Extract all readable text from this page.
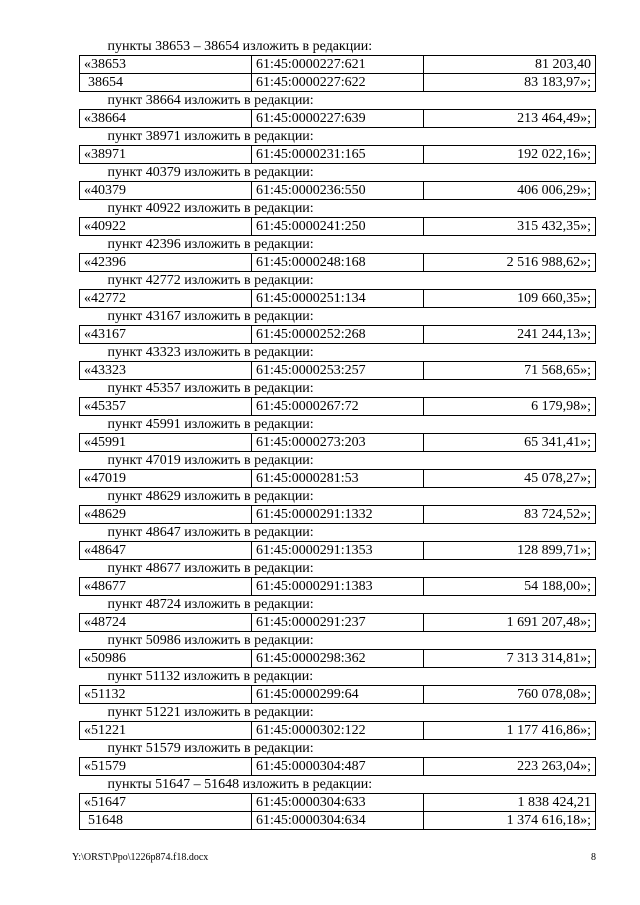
пункты 38653 – 38654 изложить в редакции:		
«38653	61:45:0000227:621	81 203,40
38654	61:45:0000227:622	83 183,97»;
пункт 38664 изложить в редакции:		
«38664	61:45:0000227:639	213 464,49»;
пункт 38971 изложить в редакции:		
«38971	61:45:0000231:165	192 022,16»;
пункт 40379 изложить в редакции:		
«40379	61:45:0000236:550	406 006,29»;
пункт 40922 изложить в редакции:		
«40922	61:45:0000241:250	315 432,35»;
пункт 42396 изложить в редакции:		
«42396	61:45:0000248:168	2 516 988,62»;
пункт 42772 изложить в редакции:		
«42772	61:45:0000251:134	109 660,35»;
пункт 43167 изложить в редакции:		
«43167	61:45:0000252:268	241 244,13»;
пункт 43323 изложить в редакции:		
«43323	61:45:0000253:257	71 568,65»;
пункт 45357 изложить в редакции:		
«45357	61:45:0000267:72	6 179,98»;
пункт 45991 изложить в редакции:		
«45991	61:45:0000273:203	65 341,41»;
пункт 47019 изложить в редакции:		
«47019	61:45:0000281:53	45 078,27»;
пункт 48629 изложить в редакции:		
«48629	61:45:0000291:1332	83 724,52»;
пункт 48647 изложить в редакции:		
«48647	61:45:0000291:1353	128 899,71»;
пункт 48677 изложить в редакции:		
«48677	61:45:0000291:1383	54 188,00»;
пункт 48724 изложить в редакции:		
«48724	61:45:0000291:237	1 691 207,48»;
пункт 50986 изложить в редакции:		
«50986	61:45:0000298:362	7 313 314,81»;
пункт 51132 изложить в редакции:		
«51132	61:45:0000299:64	760 078,08»;
пункт 51221 изложить в редакции:		
«51221	61:45:0000302:122	1 177 416,86»;
пункт 51579 изложить в редакции:		
«51579	61:45:0000304:487	223 263,04»;
пункты 51647 – 51648 изложить в редакции:		
«51647	61:45:0000304:633	1 838 424,21
51648	61:45:0000304:634	1 374 616,18»;
Y:\ORST\Ppo\1226p874.f18.docx	8
